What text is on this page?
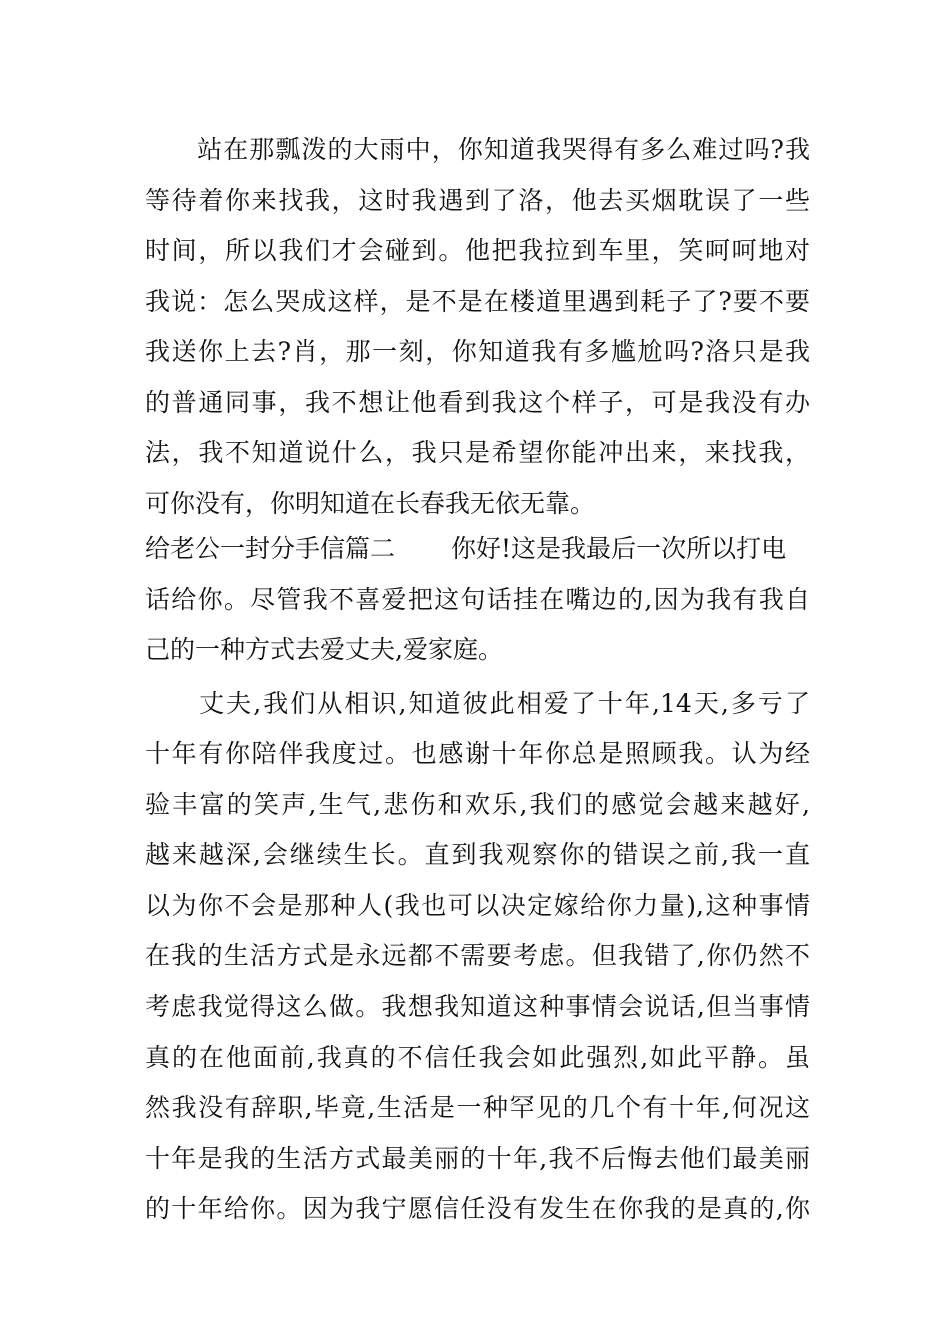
　　站在那瓢泼的大雨中，你知道我哭得有多么难过吗?我
等待着你来找我，这时我遇到了洛，他去买烟耽误了一些
时间，所以我们才会碰到。他把我拉到车里，笑呵呵地对
我说：怎么哭成这样，是不是在楼道里遇到耗子了?要不要
我送你上去?肖，那一刻，你知道我有多尴尬吗?洛只是我
的普通同事，我不想让他看到我这个样子，可是我没有办
法，我不知道说什么，我只是希望你能冲出来，来找我，
可你没有，你明知道在长春我无依无靠。
给老公一封分手信篇二 你好!这是我最后一次所以打电
话给你。尽管我不喜爱把这句话挂在嘴边的,因为我有我自
己的一种方式去爱丈夫,爱家庭。
　　丈夫,我们从相识,知道彼此相爱了十年,14天,多亏了
十年有你陪伴我度过。也感谢十年你总是照顾我。认为经
验丰富的笑声,生气,悲伤和欢乐,我们的感觉会越来越好,
越来越深,会继续生长。直到我观察你的错误之前,我一直
以为你不会是那种人(我也可以决定嫁给你力量),这种事情
在我的生活方式是永远都不需要考虑。但我错了,你仍然不
考虑我觉得这么做。我想我知道这种事情会说话,但当事情
真的在他面前,我真的不信任我会如此强烈,如此平静。虽
然我没有辞职,毕竟,生活是一种罕见的几个有十年,何况这
十年是我的生活方式最美丽的十年,我不后悔去他们最美丽
的十年给你。因为我宁愿信任没有发生在你我的是真的,你
